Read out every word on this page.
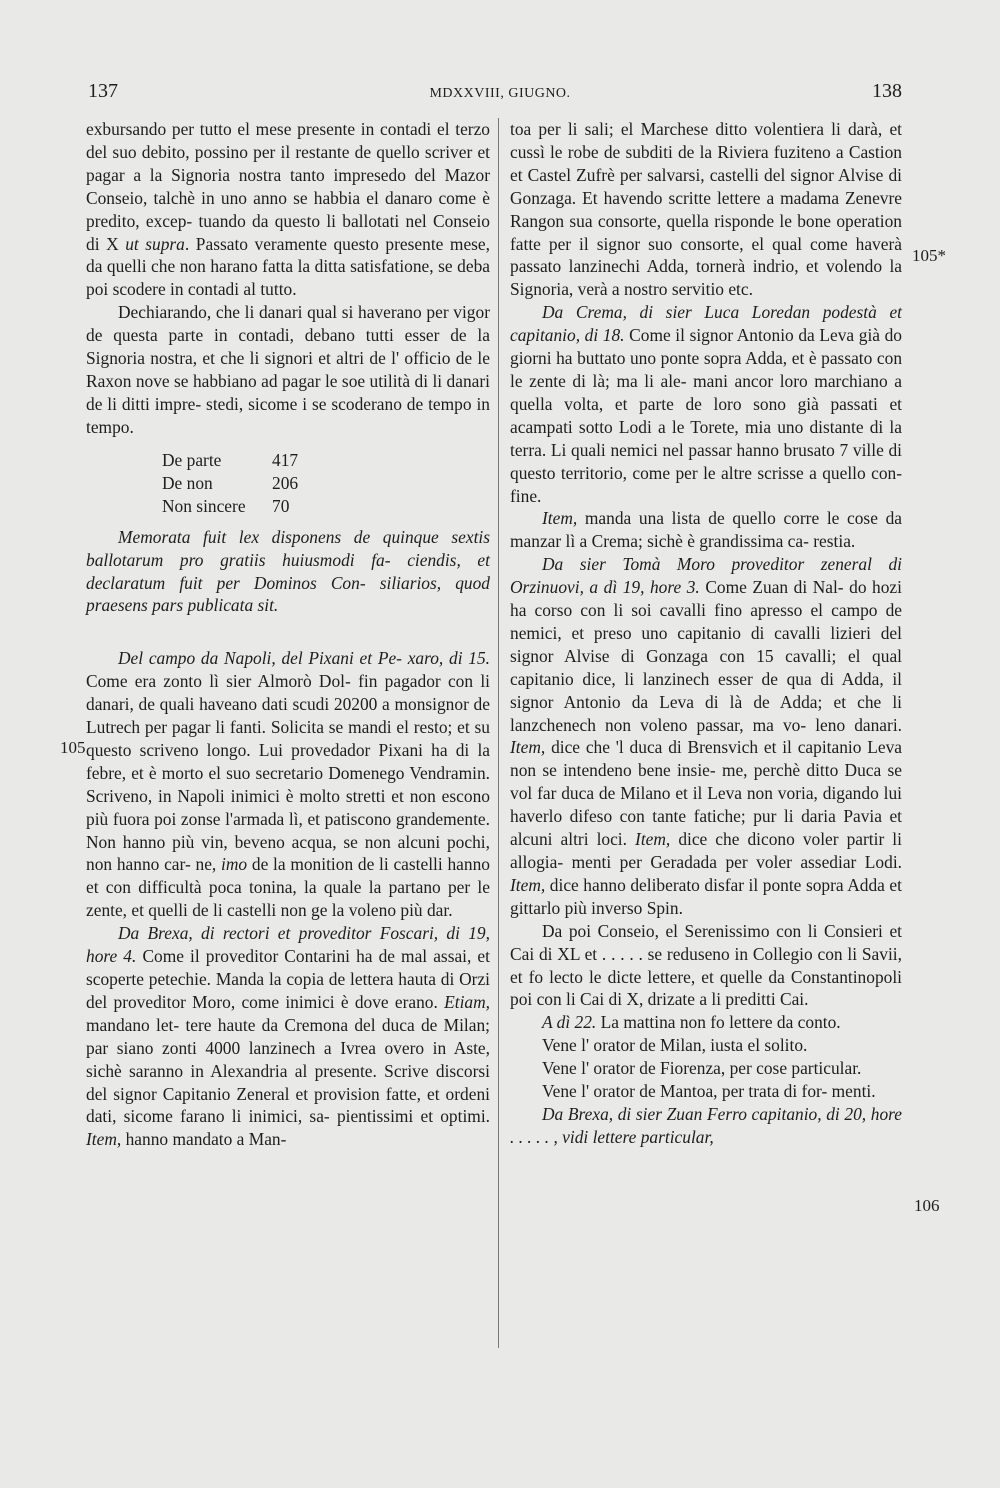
137	MDXXVIII, GIUGNO.	138

exbursando per tutto el mese presente in contadi el terzo del suo debito, possino per il restante de quello scriver et pagar a la Signoria nostra tanto impresedo del Mazor Conseio, talchè in uno anno se habbia el danaro come è predito, excep- tuando da questo li ballotati nel Conseio di X ut supra. Passato veramente questo presente mese, da quelli che non harano fatta la ditta satisfatione, se deba poi scodere in contadi al tutto.

Dechiarando, che li danari qual si haverano per vigor de questa parte in contadi, debano tutti esser de la Signoria nostra, et che li signori et altri de l' officio de le Raxon nove se habbiano ad pagar le soe utilità di li danari de li ditti impre- stedi, sicome i se scoderano de tempo in tempo.

De parte	417
De non	206
Non sincere	70

Memorata fuit lex disponens de quinque sextis ballotarum pro gratiis huiusmodi fa- ciendis, et declaratum fuit per Dominos Con- siliarios, quod praesens pars publicata sit.

Del campo da Napoli, del Pixani et Pe- xaro, di 15. Come era zonto lì sier Almorò Dol- fin pagador con li danari, de quali haveano dati scudi 20200 a monsignor de Lutrech per pagar li fanti. Solicita se mandi el resto; et su questo scriveno longo. Lui provedador Pixani ha di la febre, et è morto el suo secretario Domenego Vendramin. Scriveno, in Napoli inimici è molto stretti et non escono più fuora poi zonse l'armada lì, et patiscono grandemente. Non hanno più vin, beveno acqua, se non alcuni pochi, non hanno car- ne, imo de la monition de li castelli hanno et con difficultà poca tonina, la quale la partano per le zente, et quelli de li castelli non ge la voleno più dar.

Da Brexa, di rectori et proveditor Foscari, di 19, hore 4. Come il proveditor Contarini ha de mal assai, et scoperte petechie. Manda la copia de lettera hauta di Orzi del proveditor Moro, come inimici è dove erano. Etiam, mandano let- tere haute da Cremona del duca de Milan; par siano zonti 4000 lanzinech a Ivrea overo in Aste, sichè saranno in Alexandria al presente. Scrive discorsi del signor Capitanio Zeneral et provision fatte, et ordeni dati, sicome farano li inimici, sa- pientissimi et optimi. Item, hanno mandato a Man-

toa per li sali; el Marchese ditto volentiera li darà, et cussì le robe de subditi de la Riviera fuziteno a Castion et Castel Zufrè per salvarsi, castelli del signor Alvise di Gonzaga. Et havendo scritte lettere a madama Zenevre Rangon sua consorte, quella risponde le bone operation fatte per il signor suo consorte, el qual come haverà passato lanzinechi Adda, tornerà indrio, et volendo la Signoria, verà a nostro servitio etc.

Da Crema, di sier Luca Loredan podestà et capitanio, di 18. Come il signor Antonio da Leva già do giorni ha buttato uno ponte sopra Adda, et è passato con le zente di là; ma li ale- mani ancor loro marchiano a quella volta, et parte de loro sono già passati et acampati sotto Lodi a le Torete, mia uno distante di la terra. Li quali nemici nel passar hanno brusato 7 ville di questo territorio, come per le altre scrisse a quello con- fine.

Item, manda una lista de quello corre le cose da manzar lì a Crema; sichè è grandissima ca- restia.

Da sier Tomà Moro proveditor zeneral di Orzinuovi, a dì 19, hore 3. Come Zuan di Nal- do hozi ha corso con li soi cavalli fino apresso el campo de nemici, et preso uno capitanio di cavalli lizieri del signor Alvise di Gonzaga con 15 cavalli; el qual capitanio dice, li lanzinech esser de qua di Adda, il signor Antonio da Leva di là de Adda; et che li lanzchenech non voleno passar, ma vo- leno danari. Item, dice che 'l duca di Brensvich et il capitanio Leva non se intendeno bene insie- me, perchè ditto Duca se vol far duca de Milano et il Leva non voria, digando lui haverlo difeso con tante fatiche; pur li daria Pavia et alcuni altri loci. Item, dice che dicono voler partir li allogia- menti per Geradada per voler assediar Lodi. Item, dice hanno deliberato disfar il ponte sopra Adda et gittarlo più inverso Spin.

Da poi Conseio, el Serenissimo con li Consieri et Cai di XL et . . . . . se reduseno in Collegio con li Savii, et fo lecto le dicte lettere, et quelle da Constantinopoli poi con li Cai di X, drizate a li preditti Cai.

A dì 22. La mattina non fo lettere da conto.

Vene l' orator de Milan, iusta el solito.

Vene l' orator de Fiorenza, per cose particular.

Vene l' orator de Mantoa, per trata di for- menti.

Da Brexa, di sier Zuan Ferro capitanio, di 20, hore . . . . . , vidi lettere particular,

105
105*
106
